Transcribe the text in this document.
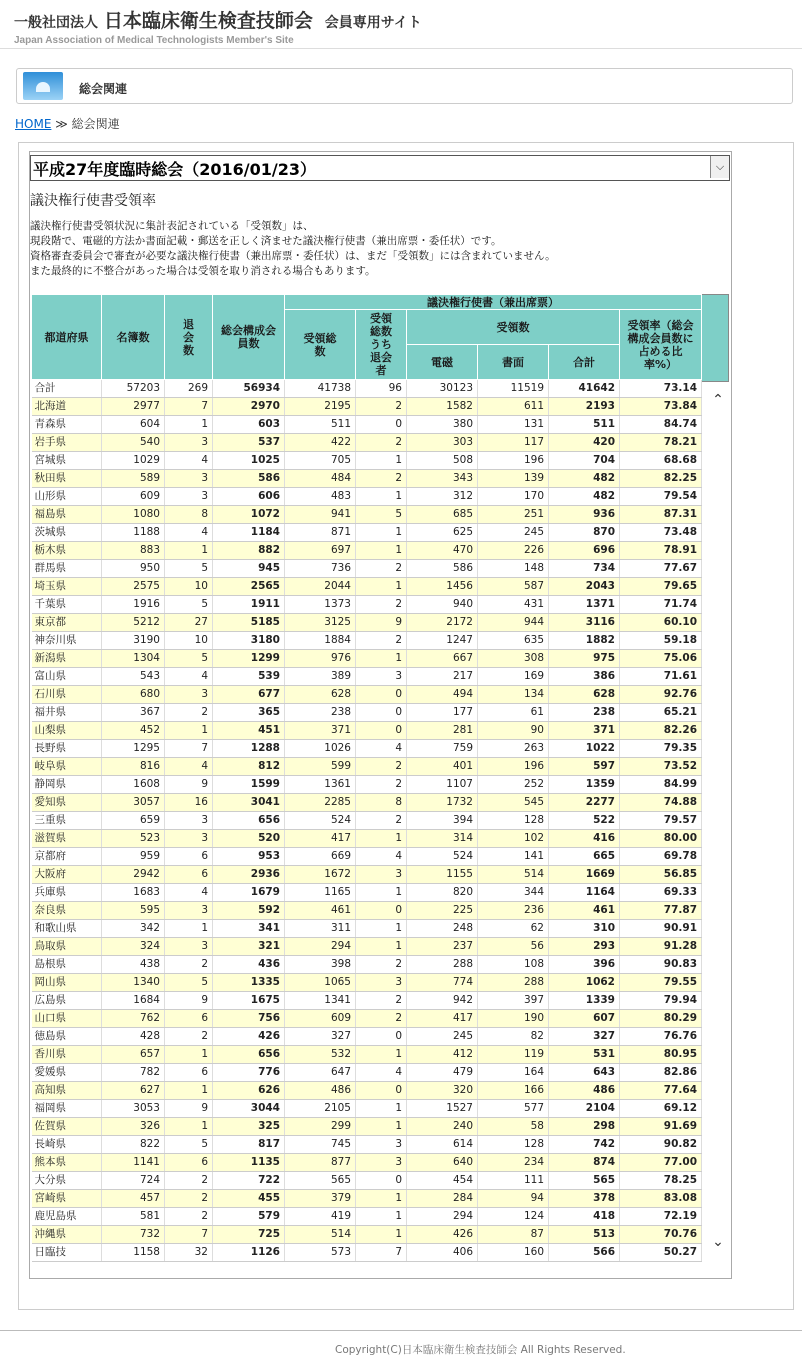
一般社団法人 日本臨床衛生検査技師会 会員専用サイト
Japan Association of Medical Technologists Member's Site
総会関連
HOME ≫ 総会関連
平成27年度臨時総会（2016/01/23）	⌵
議決権行使書受領率
議決権行使書受領状況に集計表記されている「受領数」は、
現段階で、電磁的方法か書面記載・郵送を正しく済ませた議決権行使書（兼出席票・委任状）です。
資格審査委員会で審査が必要な議決権行使書（兼出席票・委任状）は、まだ「受領数」には含まれていません。
また最終的に不整合があった場合は受領を取り消される場合もあります。
都道府県	名簿数	退会数	総会構成会員数	議決権行使書（兼出席票）					
				受領総数	受領総数うち退会者	受領数			受領率（総会構成会員数に占める比率%）
						電磁	書面	合計	
合計	57203	269	56934	41738	96	30123	11519	41642	73.14
北海道	2977	7	2970	2195	2	1582	611	2193	73.84
青森県	604	1	603	511	0	380	131	511	84.74
岩手県	540	3	537	422	2	303	117	420	78.21
宮城県	1029	4	1025	705	1	508	196	704	68.68
秋田県	589	3	586	484	2	343	139	482	82.25
山形県	609	3	606	483	1	312	170	482	79.54
福島県	1080	8	1072	941	5	685	251	936	87.31
茨城県	1188	4	1184	871	1	625	245	870	73.48
栃木県	883	1	882	697	1	470	226	696	78.91
群馬県	950	5	945	736	2	586	148	734	77.67
埼玉県	2575	10	2565	2044	1	1456	587	2043	79.65
千葉県	1916	5	1911	1373	2	940	431	1371	71.74
東京都	5212	27	5185	3125	9	2172	944	3116	60.10
神奈川県	3190	10	3180	1884	2	1247	635	1882	59.18
新潟県	1304	5	1299	976	1	667	308	975	75.06
富山県	543	4	539	389	3	217	169	386	71.61
石川県	680	3	677	628	0	494	134	628	92.76
福井県	367	2	365	238	0	177	61	238	65.21
山梨県	452	1	451	371	0	281	90	371	82.26
長野県	1295	7	1288	1026	4	759	263	1022	79.35
岐阜県	816	4	812	599	2	401	196	597	73.52
静岡県	1608	9	1599	1361	2	1107	252	1359	84.99
愛知県	3057	16	3041	2285	8	1732	545	2277	74.88
三重県	659	3	656	524	2	394	128	522	79.57
滋賀県	523	3	520	417	1	314	102	416	80.00
京都府	959	6	953	669	4	524	141	665	69.78
大阪府	2942	6	2936	1672	3	1155	514	1669	56.85
兵庫県	1683	4	1679	1165	1	820	344	1164	69.33
奈良県	595	3	592	461	0	225	236	461	77.87
和歌山県	342	1	341	311	1	248	62	310	90.91
鳥取県	324	3	321	294	1	237	56	293	91.28
島根県	438	2	436	398	2	288	108	396	90.83
岡山県	1340	5	1335	1065	3	774	288	1062	79.55
広島県	1684	9	1675	1341	2	942	397	1339	79.94
山口県	762	6	756	609	2	417	190	607	80.29
徳島県	428	2	426	327	0	245	82	327	76.76
香川県	657	1	656	532	1	412	119	531	80.95
愛媛県	782	6	776	647	4	479	164	643	82.86
高知県	627	1	626	486	0	320	166	486	77.64
福岡県	3053	9	3044	2105	1	1527	577	2104	69.12
佐賀県	326	1	325	299	1	240	58	298	91.69
長崎県	822	5	817	745	3	614	128	742	90.82
熊本県	1141	6	1135	877	3	640	234	874	77.00
大分県	724	2	722	565	0	454	111	565	78.25
宮崎県	457	2	455	379	1	284	94	378	83.08
鹿児島県	581	2	579	419	1	294	124	418	72.19
沖縄県	732	7	725	514	1	426	87	513	70.76
日臨技	1158	32	1126	573	7	406	160	566	50.27
⌃
⌄
Copyright(C)日本臨床衛生検査技師会 All Rights Reserved.
